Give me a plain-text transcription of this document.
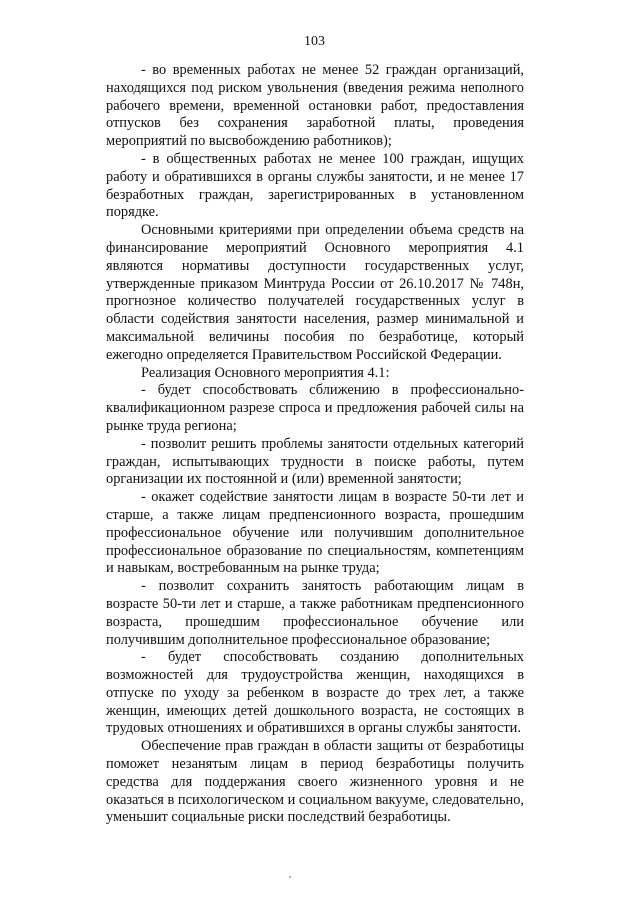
103

- во временных работах не менее 52 граждан организаций, находящихся под риском увольнения (введения режима неполного рабочего времени, временной остановки работ, предоставления отпусков без сохранения заработной платы, проведения мероприятий по высвобождению работников);

- в общественных работах не менее 100 граждан, ищущих работу и обратившихся в органы службы занятости, и не менее 17 безработных граждан, зарегистрированных в установленном порядке.

Основными критериями при определении объема средств на финансирование мероприятий Основного мероприятия 4.1 являются нормативы доступности государственных услуг, утвержденные приказом Минтруда России от 26.10.2017 № 748н, прогнозное количество получателей государственных услуг в области содействия занятости населения, размер минимальной и максимальной величины пособия по безработице, который ежегодно определяется Правительством Российской Федерации.

Реализация Основного мероприятия 4.1:

- будет способствовать сближению в профессионально-квалификационном разрезе спроса и предложения рабочей силы на рынке труда региона;

- позволит решить проблемы занятости отдельных категорий граждан, испытывающих трудности в поиске работы, путем организации их постоянной и (или) временной занятости;

- окажет содействие занятости лицам в возрасте 50-ти лет и старше, а также лицам предпенсионного возраста, прошедшим профессиональное обучение или получившим дополнительное профессиональное образование по специальностям, компетенциям и навыкам, востребованным на рынке труда;

- позволит сохранить занятость работающим лицам в возрасте 50-ти лет и старше, а также работникам предпенсионного возраста, прошедшим профессиональное обучение или получившим дополнительное профессиональное образование;

- будет способствовать созданию дополнительных возможностей для трудоустройства женщин, находящихся в отпуске по уходу за ребенком в возрасте до трех лет, а также женщин, имеющих детей дошкольного возраста, не состоящих в трудовых отношениях и обратившихся в органы службы занятости.

Обеспечение прав граждан в области защиты от безработицы поможет незанятым лицам в период безработицы получить средства для поддержания своего жизненного уровня и не оказаться в психологическом и социальном вакууме, следовательно, уменьшит социальные риски последствий безработицы.
